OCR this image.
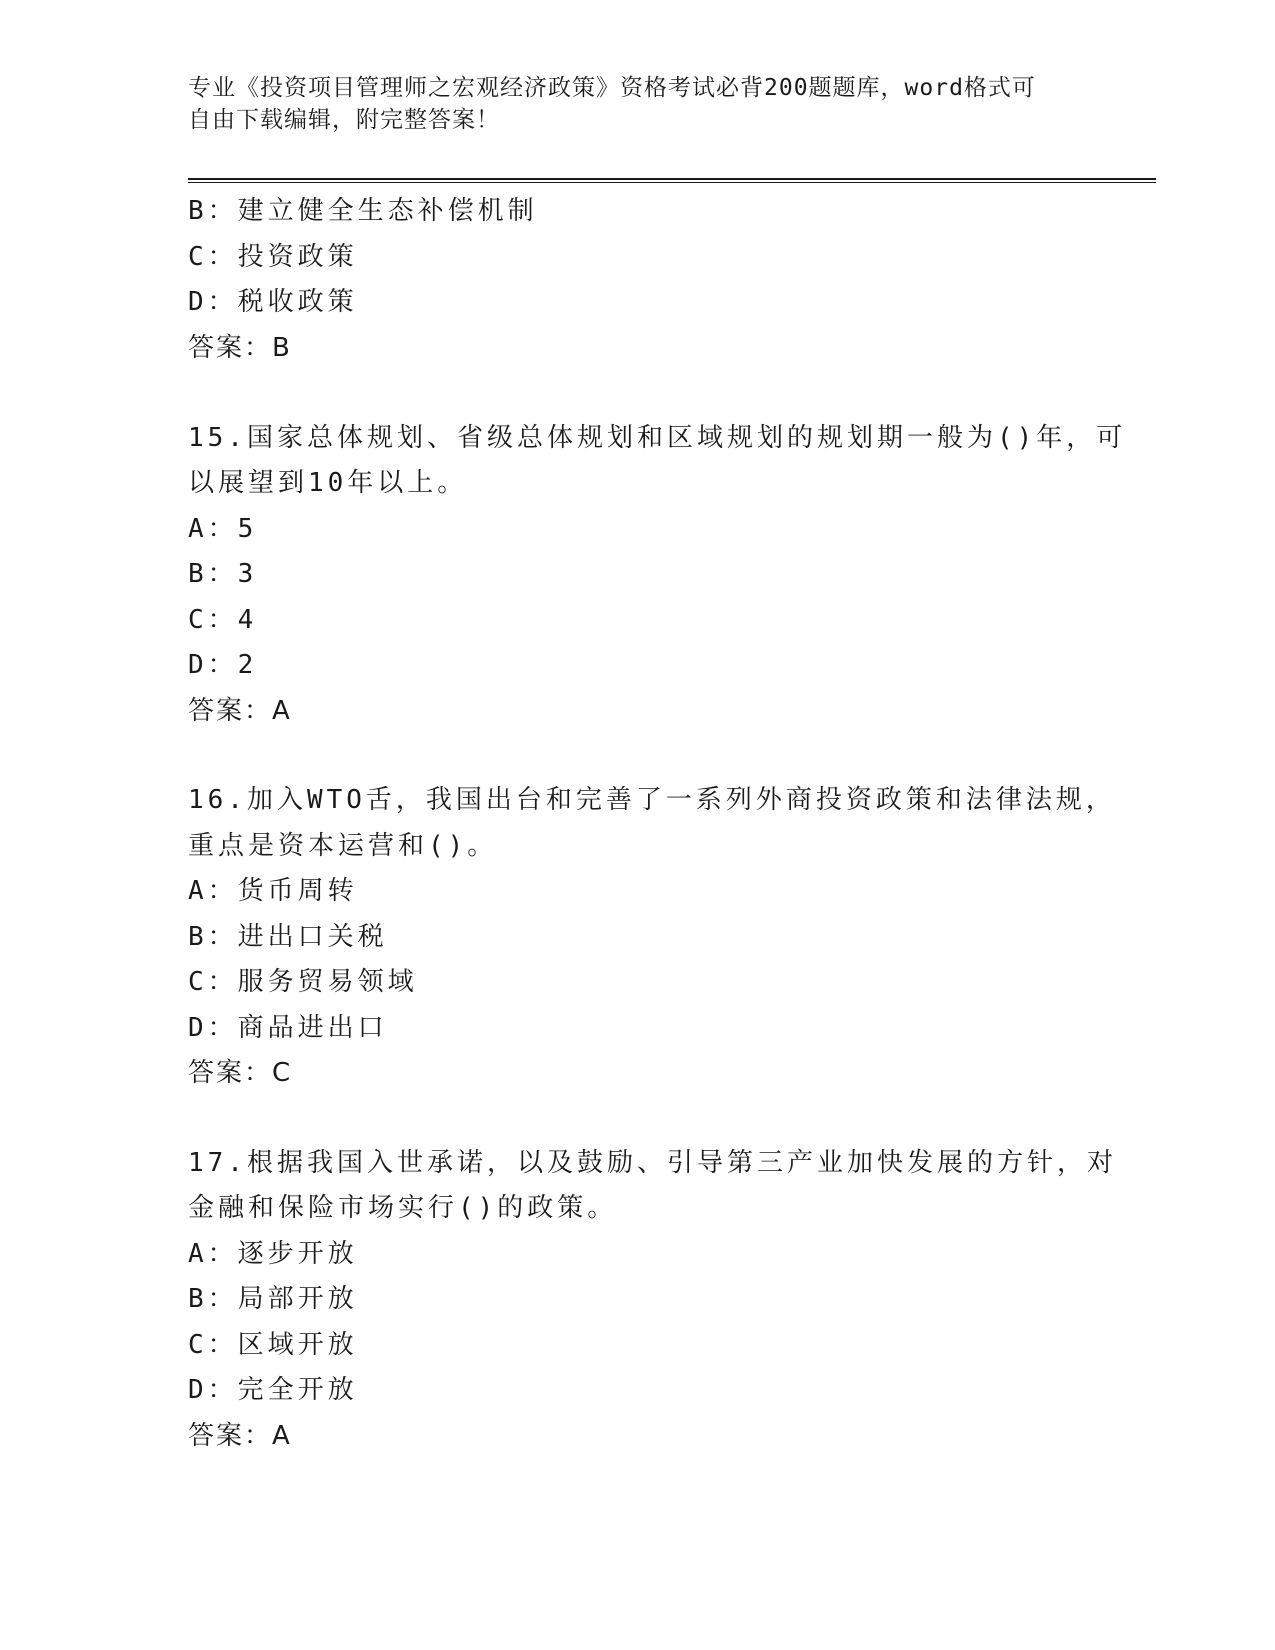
专业《投资项目管理师之宏观经济政策》资格考试必背200题题库，word格式可
自由下载编辑，附完整答案！
B：建立健全生态补偿机制
C：投资政策
D：税收政策
答案：B
15.国家总体规划、省级总体规划和区域规划的规划期一般为()年，可
以展望到10年以上。
A：5
B：3
C：4
D：2
答案：A
16.加入WTO舌，我国出台和完善了一系列外商投资政策和法律法规，
重点是资本运营和()。
A：货币周转
B：进出口关税
C：服务贸易领域
D：商品进出口
答案：C
17.根据我国入世承诺，以及鼓励、引导第三产业加快发展的方针，对
金融和保险市场实行()的政策。
A：逐步开放
B：局部开放
C：区域开放
D：完全开放
答案：A
